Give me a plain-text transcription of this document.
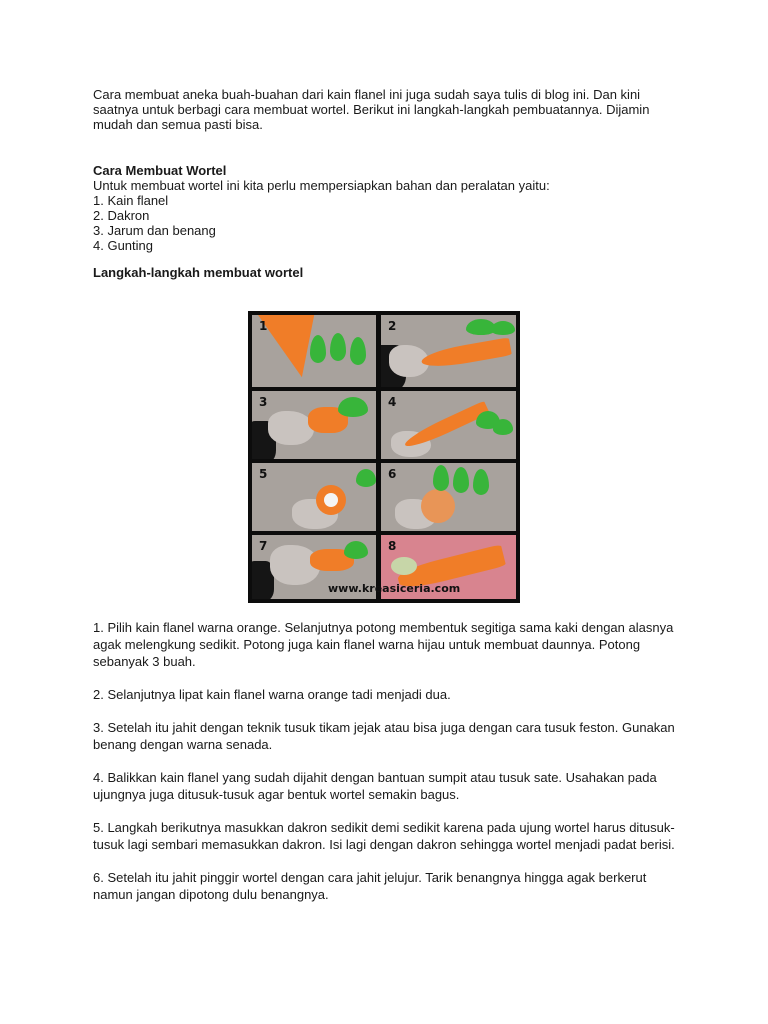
Cara membuat aneka buah-buahan dari kain flanel ini juga sudah saya tulis di blog ini. Dan kini saatnya untuk berbagi cara membuat wortel. Berikut ini langkah-langkah pembuatannya. Dijamin mudah dan semua pasti bisa.

Cara Membuat Wortel

Untuk membuat wortel ini kita perlu mempersiapkan bahan dan peralatan yaitu:

1. Kain flanel

2. Dakron

3. Jarum dan benang

4. Gunting

Langkah-langkah membuat wortel
1	2
3	4
5	6
7	8
www.kreasiceria.com

1. Pilih kain flanel warna orange. Selanjutnya potong membentuk segitiga sama kaki dengan alasnya agak melengkung sedikit. Potong juga kain flanel warna hijau untuk membuat daunnya. Potong sebanyak 3 buah.

2. Selanjutnya lipat kain flanel warna orange tadi menjadi dua.

3. Setelah itu jahit dengan teknik tusuk tikam jejak atau bisa juga dengan cara tusuk feston. Gunakan benang dengan warna senada.

4. Balikkan kain flanel yang sudah dijahit dengan bantuan sumpit atau tusuk sate. Usahakan pada ujungnya juga ditusuk-tusuk agar bentuk wortel semakin bagus.

5. Langkah berikutnya masukkan dakron sedikit demi sedikit karena pada ujung wortel harus ditusuk-tusuk lagi sembari memasukkan dakron. Isi lagi dengan dakron sehingga wortel menjadi padat berisi.

6. Setelah itu jahit pinggir wortel dengan cara jahit jelujur. Tarik benangnya hingga agak berkerut namun jangan dipotong dulu benangnya.
